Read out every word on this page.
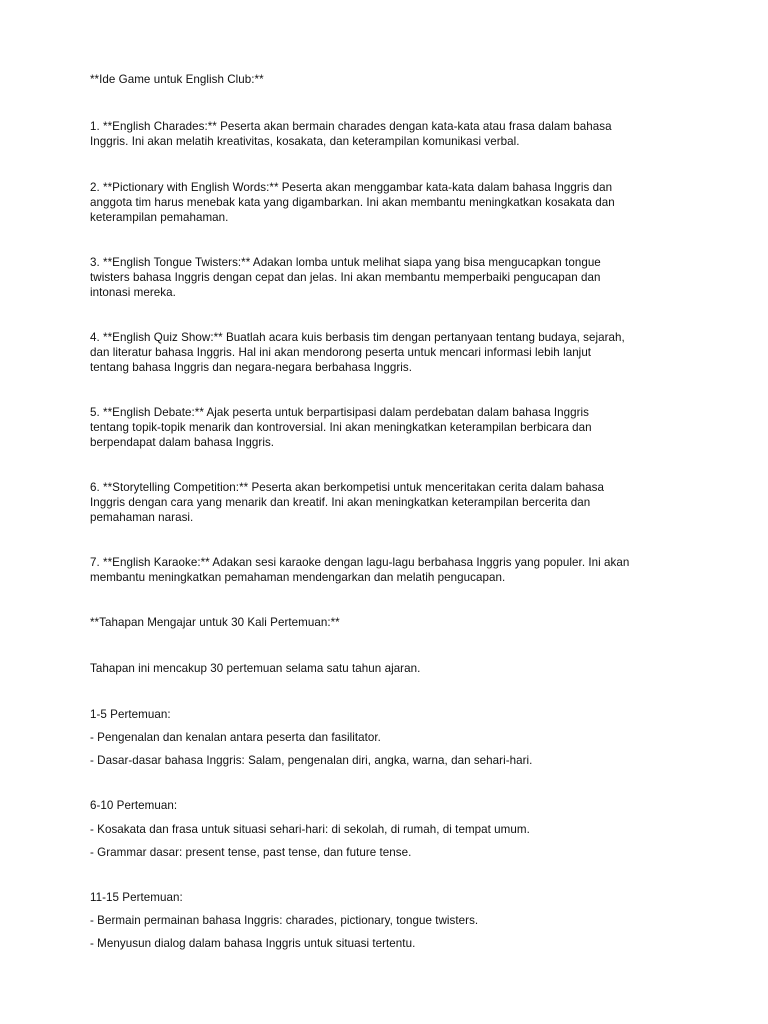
**Ide Game untuk English Club:**
1. **English Charades:** Peserta akan bermain charades dengan kata-kata atau frasa dalam bahasa
Inggris. Ini akan melatih kreativitas, kosakata, dan keterampilan komunikasi verbal.
2. **Pictionary with English Words:** Peserta akan menggambar kata-kata dalam bahasa Inggris dan
anggota tim harus menebak kata yang digambarkan. Ini akan membantu meningkatkan kosakata dan
keterampilan pemahaman.
3. **English Tongue Twisters:** Adakan lomba untuk melihat siapa yang bisa mengucapkan tongue
twisters bahasa Inggris dengan cepat dan jelas. Ini akan membantu memperbaiki pengucapan dan
intonasi mereka.
4. **English Quiz Show:** Buatlah acara kuis berbasis tim dengan pertanyaan tentang budaya, sejarah,
dan literatur bahasa Inggris. Hal ini akan mendorong peserta untuk mencari informasi lebih lanjut
tentang bahasa Inggris dan negara-negara berbahasa Inggris.
5. **English Debate:** Ajak peserta untuk berpartisipasi dalam perdebatan dalam bahasa Inggris
tentang topik-topik menarik dan kontroversial. Ini akan meningkatkan keterampilan berbicara dan
berpendapat dalam bahasa Inggris.
6. **Storytelling Competition:** Peserta akan berkompetisi untuk menceritakan cerita dalam bahasa
Inggris dengan cara yang menarik dan kreatif. Ini akan meningkatkan keterampilan bercerita dan
pemahaman narasi.
7. **English Karaoke:** Adakan sesi karaoke dengan lagu-lagu berbahasa Inggris yang populer. Ini akan
membantu meningkatkan pemahaman mendengarkan dan melatih pengucapan.
**Tahapan Mengajar untuk 30 Kali Pertemuan:**
Tahapan ini mencakup 30 pertemuan selama satu tahun ajaran.
1-5 Pertemuan:
- Pengenalan dan kenalan antara peserta dan fasilitator.
- Dasar-dasar bahasa Inggris: Salam, pengenalan diri, angka, warna, dan sehari-hari.
6-10 Pertemuan:
- Kosakata dan frasa untuk situasi sehari-hari: di sekolah, di rumah, di tempat umum.
- Grammar dasar: present tense, past tense, dan future tense.
11-15 Pertemuan:
- Bermain permainan bahasa Inggris: charades, pictionary, tongue twisters.
- Menyusun dialog dalam bahasa Inggris untuk situasi tertentu.
